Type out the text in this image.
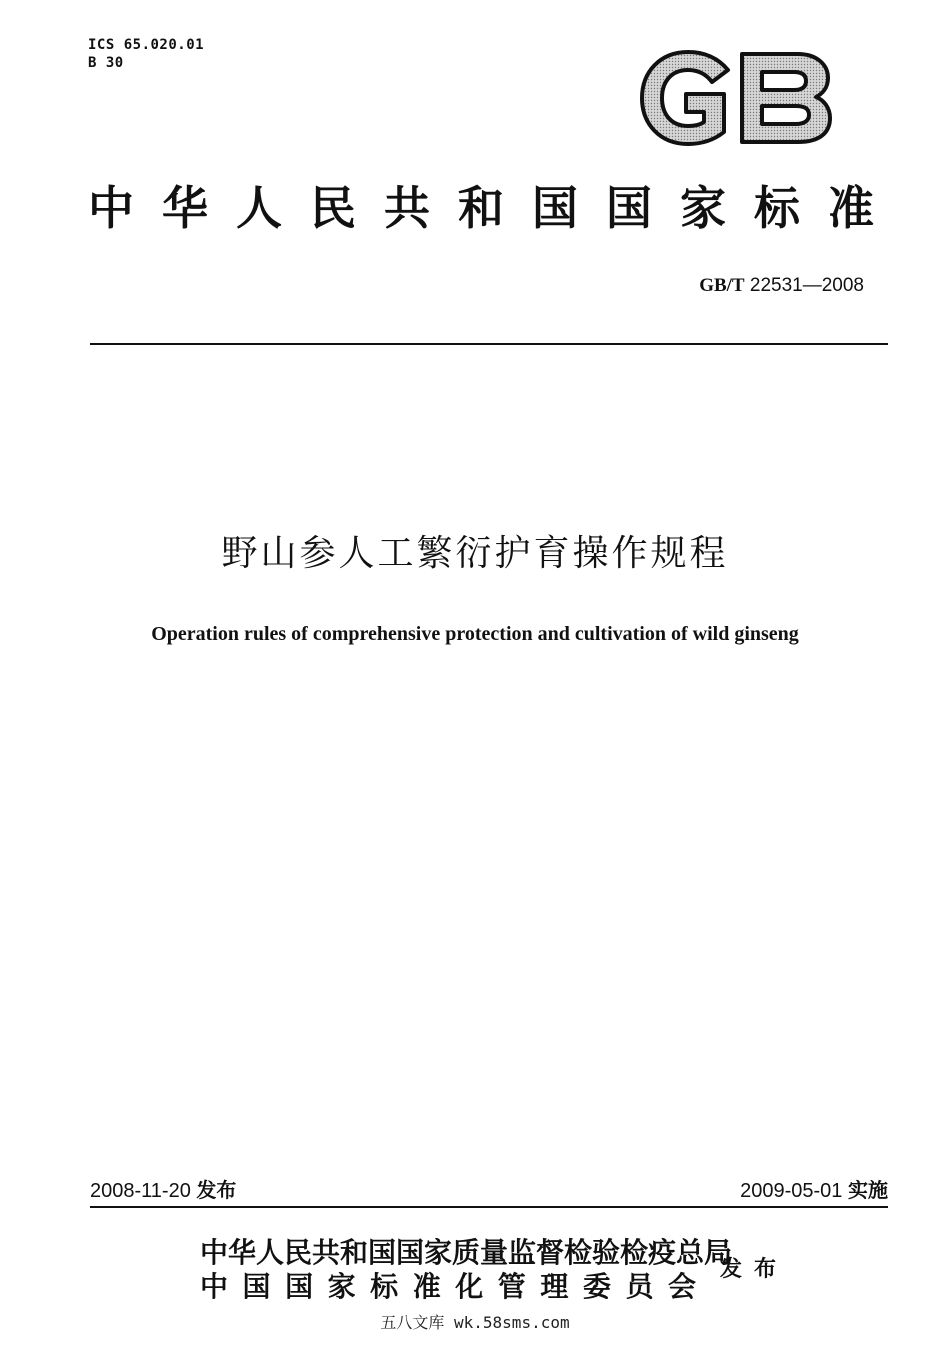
ICS 65.020.01
B 30
中华人民共和国国家标准
GB/T 22531—2008
野山参人工繁衍护育操作规程
Operation rules of comprehensive protection and cultivation of wild ginseng
2008-11-20 发布	2009-05-01 实施
中华人民共和国国家质量监督检验检疫总局
中国国家标准化管理委员会
发布
五八文库 wk.58sms.com
